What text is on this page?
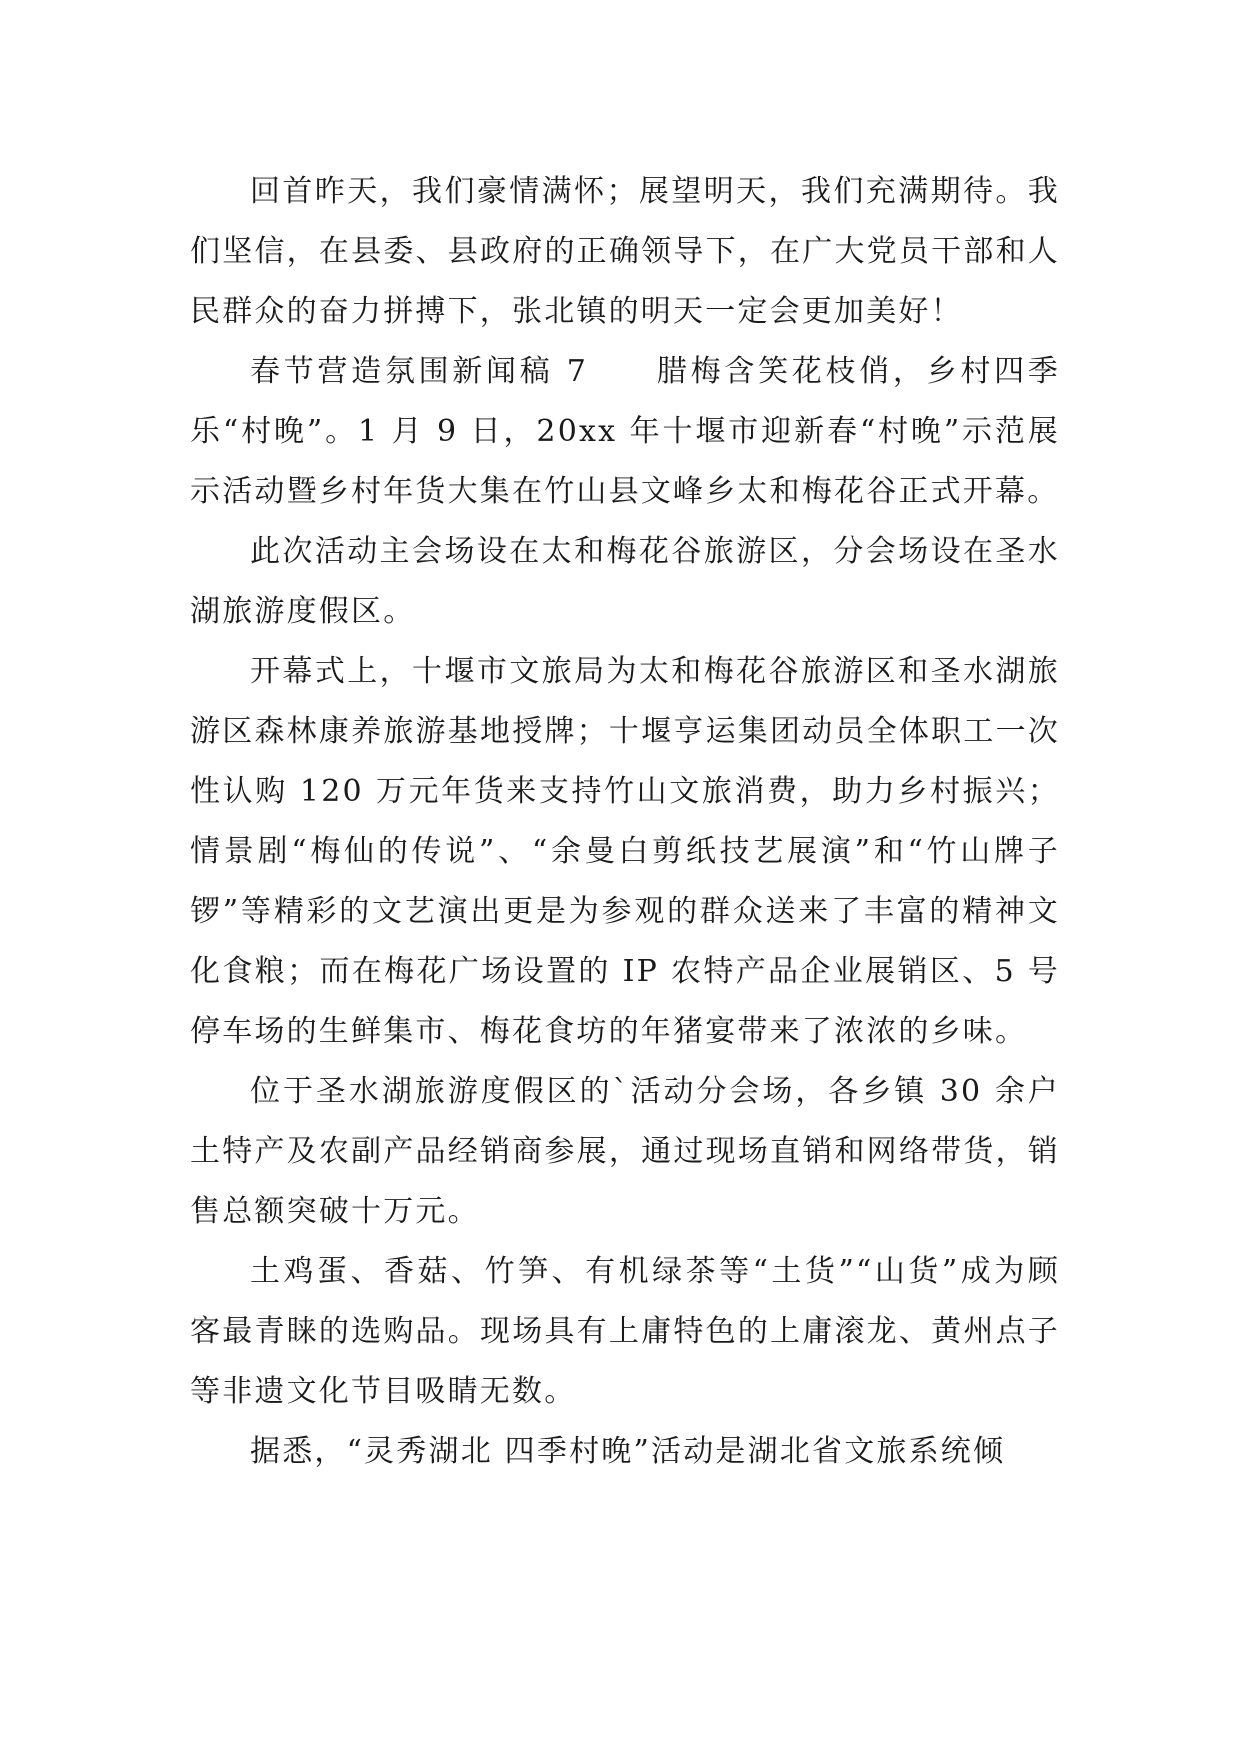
回首昨天，我们豪情满怀；展望明天，我们充满期待。我们坚信，在县委、县政府的正确领导下，在广大党员干部和人民群众的奋力拼搏下，张北镇的明天一定会更加美好！

春节营造氛围新闻稿 7　　腊梅含笑花枝俏，乡村四季乐“村晚”。1 月 9 日，20xx 年十堰市迎新春“村晚”示范展示活动暨乡村年货大集在竹山县文峰乡太和梅花谷正式开幕。

此次活动主会场设在太和梅花谷旅游区，分会场设在圣水湖旅游度假区。

开幕式上，十堰市文旅局为太和梅花谷旅游区和圣水湖旅游区森林康养旅游基地授牌；十堰亨运集团动员全体职工一次性认购 120 万元年货来支持竹山文旅消费，助力乡村振兴；情景剧“梅仙的传说”、“余曼白剪纸技艺展演”和“竹山牌子锣”等精彩的文艺演出更是为参观的群众送来了丰富的精神文化食粮；而在梅花广场设置的 IP 农特产品企业展销区、5 号停车场的生鲜集市、梅花食坊的年猪宴带来了浓浓的乡味。

位于圣水湖旅游度假区的`活动分会场，各乡镇 30 余户土特产及农副产品经销商参展，通过现场直销和网络带货，销售总额突破十万元。

土鸡蛋、香菇、竹笋、有机绿茶等“土货”“山货”成为顾客最青睐的选购品。现场具有上庸特色的上庸滚龙、黄州点子等非遗文化节目吸睛无数。

据悉，“灵秀湖北 四季村晚”活动是湖北省文旅系统倾
